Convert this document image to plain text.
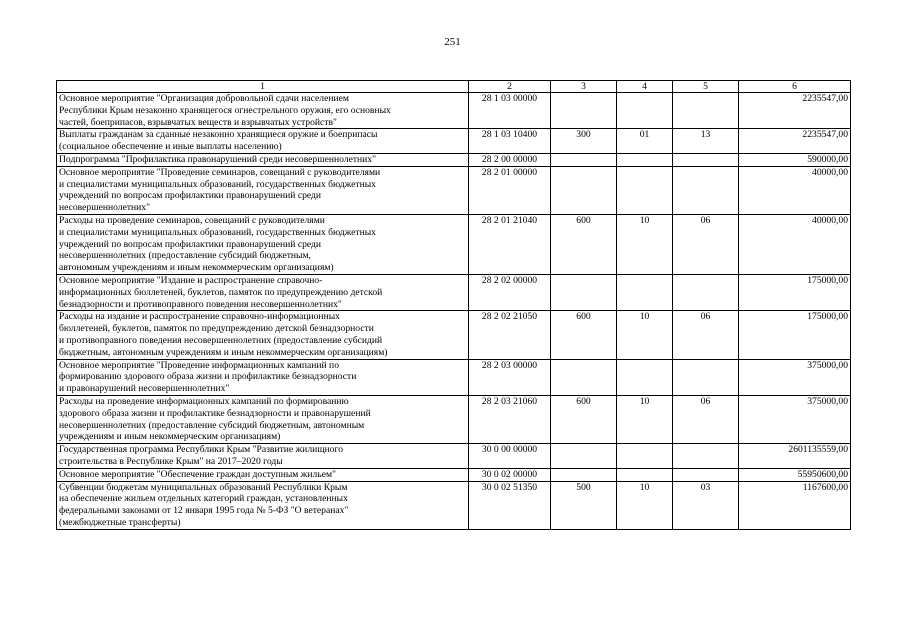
251
1	2	3	4	5	6
Основное мероприятие "Организация добровольной сдачи населением
Республики Крым незаконно хранящегося огнестрельного оружия, его основных
частей, боеприпасов, взрывчатых веществ и взрывчатых устройств"	28 1 03 00000				2235547,00
Выплаты гражданам за сданные незаконно хранящиеся оружие и боеприпасы
(социальное обеспечение и иные выплаты населению)	28 1 03 10400	300	01	13	2235547,00
Подпрограмма "Профилактика правонарушений среди несовершеннолетних"	28 2 00 00000				590000,00
Основное мероприятие "Проведение семинаров, совещаний с руководителями
и специалистами муниципальных образований, государственных бюджетных
учреждений по вопросам профилактики правонарушений среди
несовершеннолетних"	28 2 01 00000				40000,00
Расходы на проведение семинаров, совещаний с руководителями
и специалистами муниципальных образований, государственных бюджетных
учреждений по вопросам профилактики правонарушений среди
несовершеннолетних (предоставление субсидий бюджетным,
автономным учреждениям и иным некоммерческим организациям)	28 2 01 21040	600	10	06	40000,00
Основное мероприятие "Издание и распространение справочно-
информационных бюллетеней, буклетов, памяток по предупреждению детской
безнадзорности и противоправного поведения несовершеннолетних"	28 2 02 00000				175000,00
Расходы на издание и распространение справочно-информационных
бюллетеней, буклетов, памяток по предупреждению детской безнадзорности
и противоправного поведения несовершеннолетних (предоставление субсидий
бюджетным, автономным учреждениям и иным некоммерческим организациям)	28 2 02 21050	600	10	06	175000,00
Основное мероприятие "Проведение информационных кампаний по
формированию здорового образа жизни и профилактике безнадзорности
и правонарушений несовершеннолетних"	28 2 03 00000				375000,00
Расходы на проведение информационных кампаний по формированию
здорового образа жизни и профилактике безнадзорности и правонарушений
несовершеннолетних (предоставление субсидий бюджетным, автономным
учреждениям и иным некоммерческим организациям)	28 2 03 21060	600	10	06	375000,00
Государственная программа Республики Крым "Развитие жилищного
строительства в Республике Крым" на 2017–2020 годы	30 0 00 00000				2601135559,00
Основное мероприятие "Обеспечение граждан доступным жильем"	30 0 02 00000				55950600,00
Субвенции бюджетам муниципальных образований Республики Крым
на обеспечение жильем отдельных категорий граждан, установленных
федеральными законами от 12 января 1995 года № 5-ФЗ "О ветеранах"
(межбюджетные трансферты)	30 0 02 51350	500	10	03	1167600,00
